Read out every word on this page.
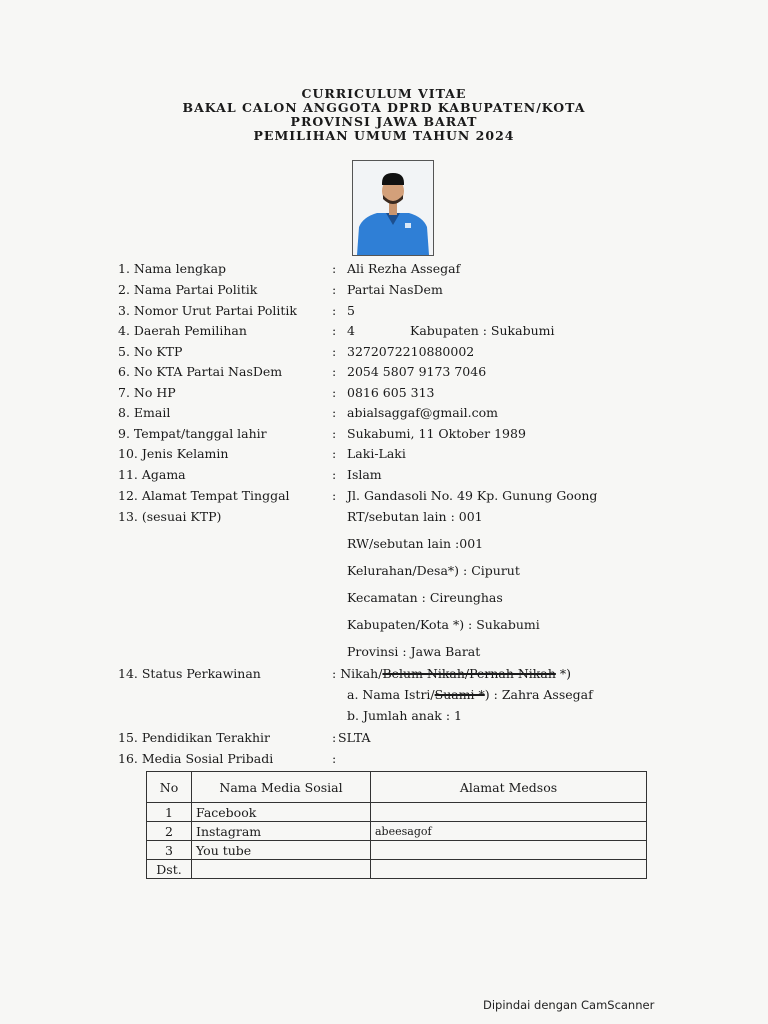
CURRICULUM VITAE
BAKAL CALON ANGGOTA DPRD KABUPATEN/KOTA
PROVINSI JAWA BARAT
PEMILIHAN UMUM TAHUN 2024
1. Nama lengkap	: Ali Rezha Assegaf
2. Nama Partai Politik	: Partai NasDem
3. Nomor Urut Partai Politik	: 5
4. Daerah Pemilihan	: 4	Kabupaten : Sukabumi
5. No KTP	: 3272072210880002
6. No KTA Partai NasDem	: 2054 5807 9173 7046
7. No HP	: 0816 605 313
8. Email	: abialsaggaf@gmail.com
9. Tempat/tanggal lahir	: Sukabumi, 11 Oktober 1989
10. Jenis Kelamin	: Laki-Laki
11. Agama	: Islam
12. Alamat Tempat Tinggal	: Jl. Gandasoli No. 49 Kp. Gunung Goong
13. (sesuai KTP)	RT/sebutan lain : 001
RW/sebutan lain :001
Kelurahan/Desa*) : Cipurut
Kecamatan : Cireunghas
Kabupaten/Kota *) : Sukabumi
Provinsi : Jawa Barat
14. Status Perkawinan	: Nikah/Belum Nikah/Pernah Nikah *)
a. Nama Istri/Suami *) : Zahra Assegaf
b. Jumlah anak : 1
15. Pendidikan Terakhir	: SLTA
16. Media Sosial Pribadi	:
No	Nama Media Sosial	Alamat Medsos
1	Facebook	
2	Instagram	abeesagof
3	You tube	
Dst.		
Dipindai dengan CamScanner
